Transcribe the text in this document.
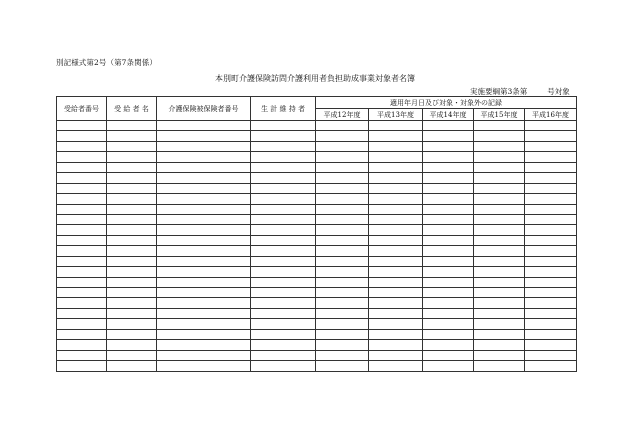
別記様式第2号（第7条関係）
本別町介護保険訪問介護利用者負担助成事業対象者名簿
実施要綱第3条第	号対象
受給者番号	受 給 者 名	介護保険被保険者番号	生 計 維 持 者	適用年月日及び対象・対象外の記録				
				平成12年度	平成13年度	平成14年度	平成15年度	平成16年度
